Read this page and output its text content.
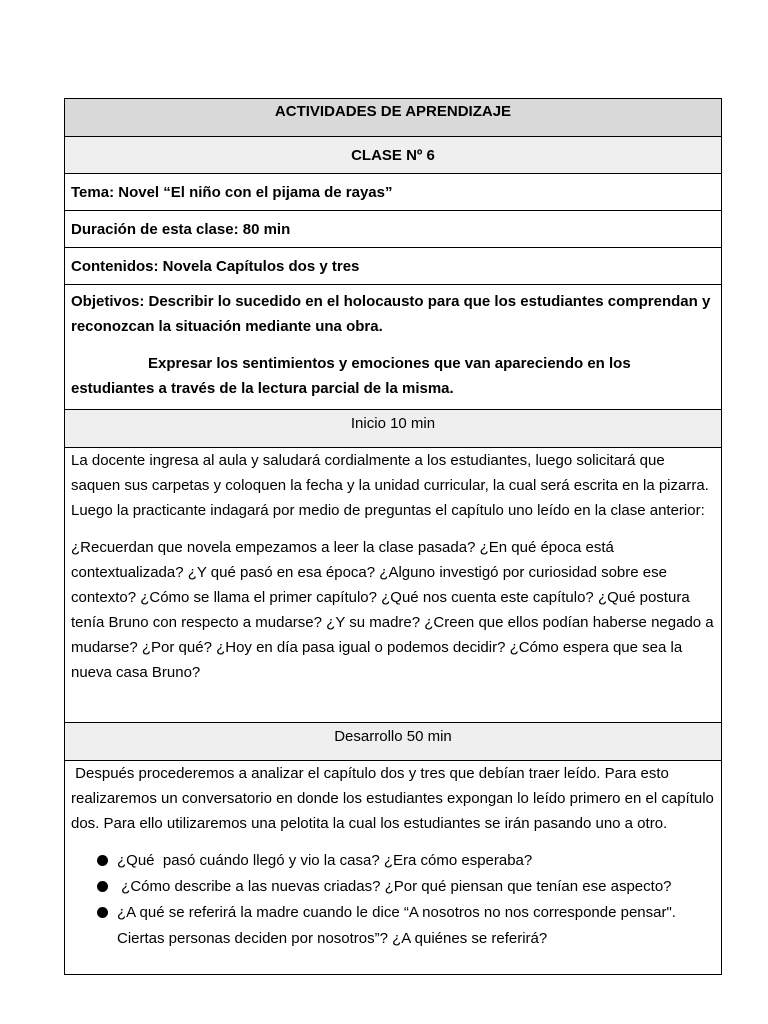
ACTIVIDADES DE APRENDIZAJE
CLASE Nº 6
Tema: Novel “El niño con el pijama de rayas”
Duración de esta clase: 80 min
Contenidos: Novela Capítulos dos y tres

Objetivos: Describir lo sucedido en el holocausto para que los estudiantes comprendan y reconozcan la situación mediante una obra.

Expresar los sentimientos y emociones que van apareciendo en los estudiantes a través de la lectura parcial de la misma.

Inicio 10 min

La docente ingresa al aula y saludará cordialmente a los estudiantes, luego solicitará que saquen sus carpetas y coloquen la fecha y la unidad curricular, la cual será escrita en la pizarra. Luego la practicante indagará por medio de preguntas el capítulo uno leído en la clase anterior:

¿Recuerdan que novela empezamos a leer la clase pasada? ¿En qué época está contextualizada? ¿Y qué pasó en esa época? ¿Alguno investigó por curiosidad sobre ese contexto? ¿Cómo se llama el primer capítulo? ¿Qué nos cuenta este capítulo? ¿Qué postura tenía Bruno con respecto a mudarse? ¿Y su madre? ¿Creen que ellos podían haberse negado a mudarse? ¿Por qué? ¿Hoy en día pasa igual o podemos decidir? ¿Cómo espera que sea la nueva casa Bruno?

Desarrollo 50 min

Después procederemos a analizar el capítulo dos y tres que debían traer leído. Para esto realizaremos un conversatorio en donde los estudiantes expongan lo leído primero en el capítulo dos. Para ello utilizaremos una pelotita la cual los estudiantes se irán pasando uno a otro.

¿Qué  pasó cuándo llegó y vio la casa? ¿Era cómo esperaba?
¿Cómo describe a las nuevas criadas? ¿Por qué piensan que tenían ese aspecto?
¿A qué se referirá la madre cuando le dice “A nosotros no nos corresponde pensar". Ciertas personas deciden por nosotros”? ¿A quiénes se referirá?
